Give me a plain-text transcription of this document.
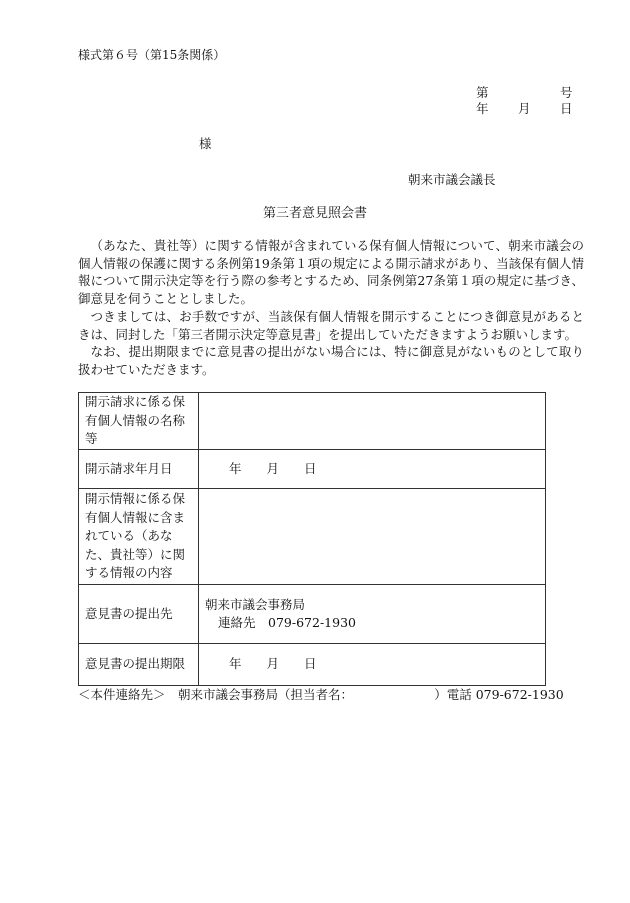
様式第６号（第15条関係）
第	号
年 月 日
様
朝来市議会議長
第三者意見照会書

（あなた、貴社等）に関する情報が含まれている保有個人情報について、朝来市議会の個人情報の保護に関する条例第19条第１項の規定による開示請求があり、当該保有個人情報について開示決定等を行う際の参考とするため、同条例第27条第１項の規定に基づき、御意見を伺うこととしました。

つきましては、お手数ですが、当該保有個人情報を開示することにつき御意見があるときは、同封した「第三者開示決定等意見書」を提出していただきますようお願いします。

なお、提出期限までに意見書の提出がない場合には、特に御意見がないものとして取り扱わせていただきます。

開示請求に係る保有個人情報の名称等	
開示請求年月日	年　　月　　日
開示情報に係る保有個人情報に含まれている（あなた、貴社等）に関する情報の内容	
意見書の提出先	朝来市議会事務局
連絡先　079-672-1930

意見書の提出期限	年　　月　　日
＜本件連絡先＞　朝来市議会事務局（担当者名：　　　　　　　）電話 079-672-1930
